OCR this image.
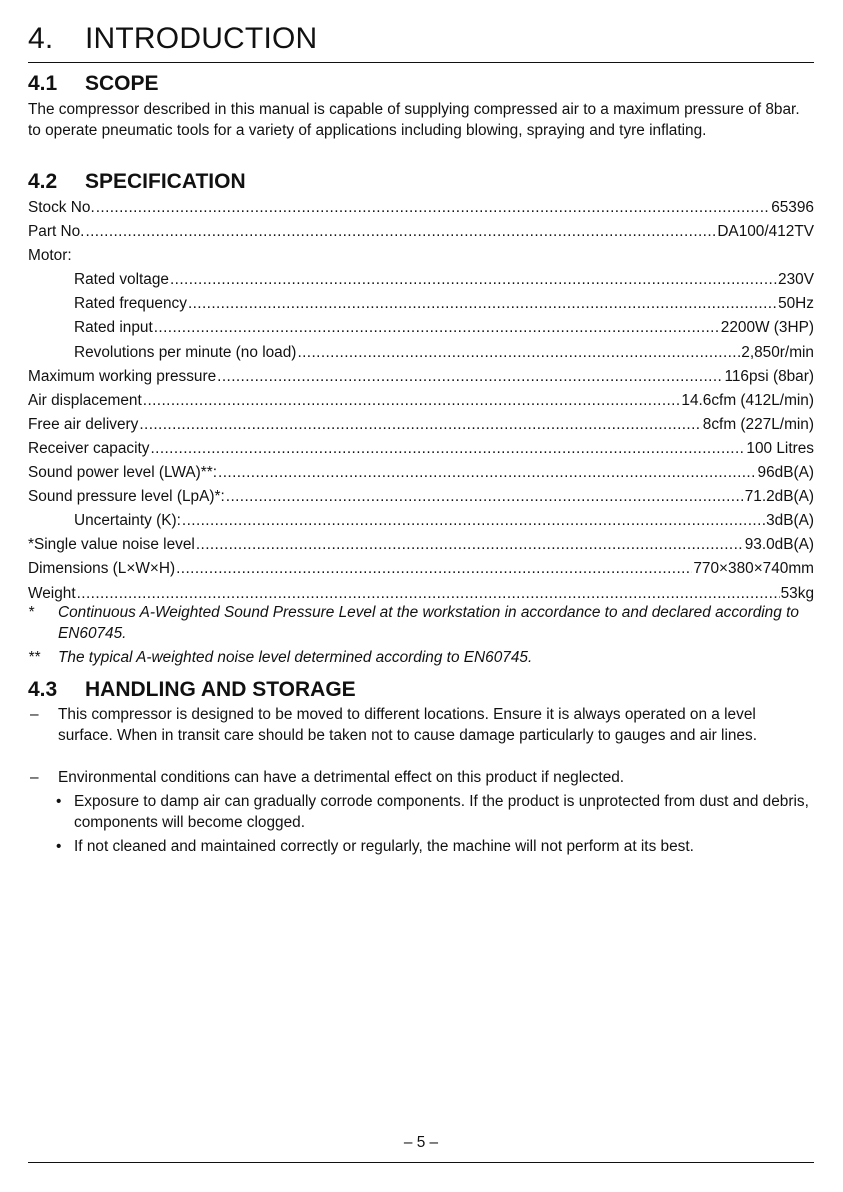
4. INTRODUCTION
4.1 SCOPE

The compressor described in this manual is capable of supplying compressed air to a maximum pressure of 8bar. to operate pneumatic tools for a variety of applications including blowing, spraying and tyre inflating.

4.2 SPECIFICATION
Stock No. .....	65396
Part No. .....	DA100/412TV
Motor:
Rated voltage .....	230V
Rated frequency .....	50Hz
Rated input .....	2200W (3HP)
Revolutions per minute (no load) .....	2,850r/min
Maximum working pressure .....	116psi (8bar)
Air displacement .....	14.6cfm (412L/min)
Free air delivery .....	8cfm (227L/min)
Receiver capacity .....	100 Litres
Sound power level (LWA)**: .....	96dB(A)
Sound pressure level (LpA)*: .....	71.2dB(A)
Uncertainty (K): .....	3dB(A)
*Single value noise level .....	93.0dB(A)
Dimensions (L×W×H) .....	770×380×740mm
Weight .....	53kg
* Continuous A-Weighted Sound Pressure Level at the workstation in accordance to and declared according to EN60745.
** The typical A-weighted noise level determined according to EN60745.
4.3 HANDLING AND STORAGE
– This compressor is designed to be moved to different locations. Ensure it is always operated on a level surface. When in transit care should be taken not to cause damage particularly to gauges and air lines.
– Environmental conditions can have a detrimental effect on this product if neglected.
• Exposure to damp air can gradually corrode components. If the product is unprotected from dust and debris, components will become clogged.
• If not cleaned and maintained correctly or regularly, the machine will not perform at its best.
– 5 –
